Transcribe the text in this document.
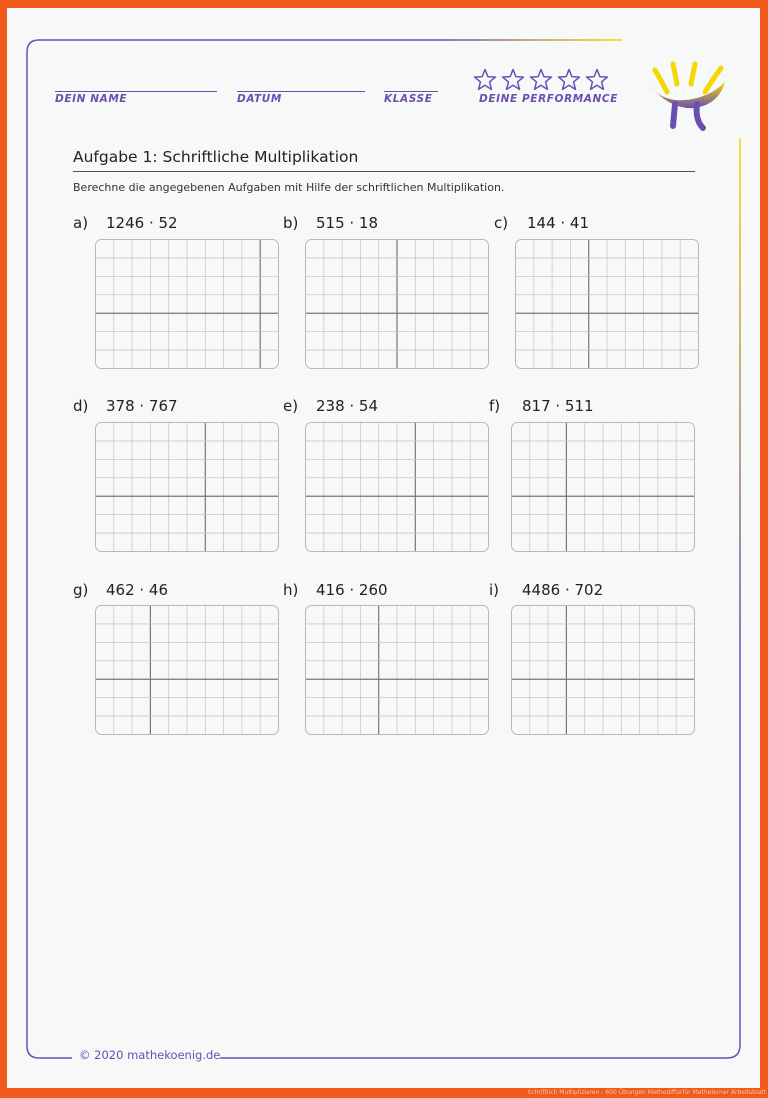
DEIN NAME	DATUM	KLASSE	DEINE PERFORMANCE
Aufgabe 1: Schriftliche Multiplikation
Berechne die angegebenen Aufgaben mit Hilfe der schriftlichen Multiplikation.
a) 1246 · 52	b) 515 · 18	c) 144 · 41
d) 378 · 767	e) 238 · 54	f) 817 · 511
g) 462 · 46	h) 416 · 260	i) 4486 · 702
© 2020 mathekoenig.de
Schriftlich Multiplizieren - 600 Übungen Methodiffurfür Mathelerner Arbeitsblatt
